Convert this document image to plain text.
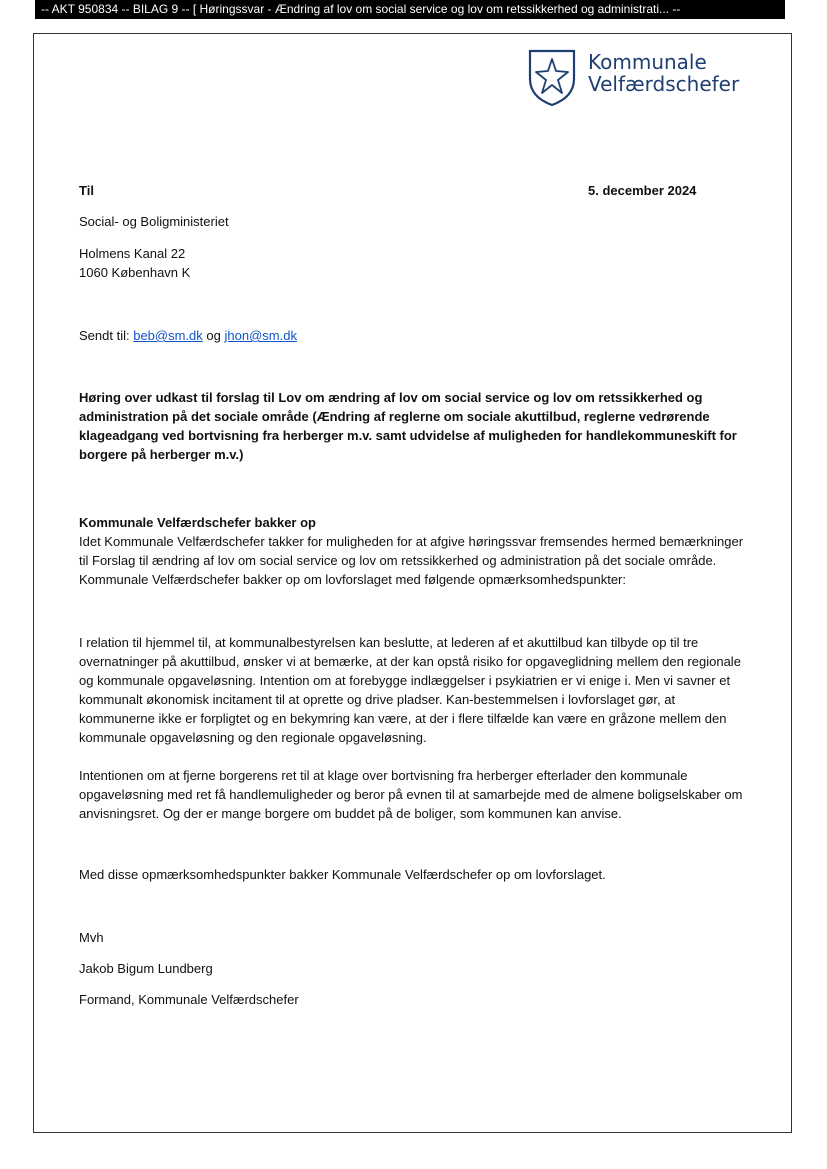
-- AKT 950834 -- BILAG 9 -- [ Høringssvar - Ændring af lov om social service og lov om retssikkerhed og administrati... --
Kommunale
Velfærdschefer

Til	5. december 2024

Social- og Boligministeriet

Holmens Kanal 22

1060 København K

Sendt til: beb@sm.dk og jhon@sm.dk

Høring over udkast til forslag til Lov om ændring af lov om social service og lov om retssikkerhed og administration på det sociale område (Ændring af reglerne om sociale akuttilbud, reglerne vedrørende klageadgang ved bortvisning fra herberger m.v. samt udvidelse af muligheden for handlekommuneskift for borgere på herberger m.v.)

Kommunale Velfærdschefer bakker op

Idet Kommunale Velfærdschefer takker for muligheden for at afgive høringssvar fremsendes hermed bemærkninger til Forslag til ændring af lov om social service og lov om retssikkerhed og administration på det sociale område. Kommunale Velfærdschefer bakker op om lovforslaget med følgende opmærksomhedspunkter:

I relation til hjemmel til, at kommunalbestyrelsen kan beslutte, at lederen af et akuttilbud kan tilbyde op til tre overnatninger på akuttilbud, ønsker vi at bemærke, at der kan opstå risiko for opgaveglidning mellem den regionale og kommunale opgaveløsning. Intention om at forebygge indlæggelser i psykiatrien er vi enige i. Men vi savner et kommunalt økonomisk incitament til at oprette og drive pladser. Kan-bestemmelsen i lovforslaget gør, at kommunerne ikke er forpligtet og en bekymring kan være, at der i flere tilfælde kan være en gråzone mellem den kommunale opgaveløsning og den regionale opgaveløsning.

Intentionen om at fjerne borgerens ret til at klage over bortvisning fra herberger efterlader den kommunale opgaveløsning med ret få handlemuligheder og beror på evnen til at samarbejde med de almene boligselskaber om anvisningsret. Og der er mange borgere om buddet på de boliger, som kommunen kan anvise.

Med disse opmærksomhedspunkter bakker Kommunale Velfærdschefer op om lovforslaget.

Mvh

Jakob Bigum Lundberg

Formand, Kommunale Velfærdschefer
